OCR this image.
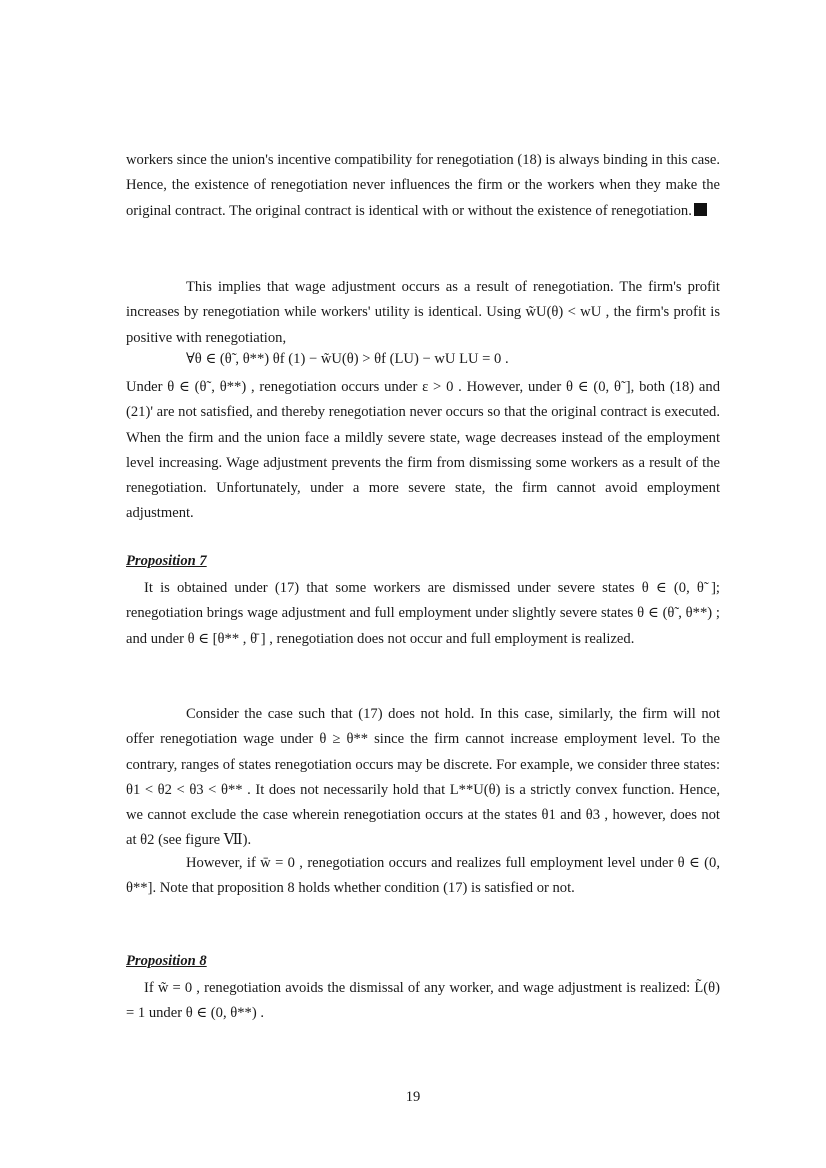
workers since the union's incentive compatibility for renegotiation (18) is always binding in this case. Hence, the existence of renegotiation never influences the firm or the workers when they make the original contract. The original contract is identical with or without the existence of renegotiation.

This implies that wage adjustment occurs as a result of renegotiation. The firm's profit increases by renegotiation while workers' utility is identical. Using w̃U(θ) < wU , the firm's profit is positive with renegotiation,

∀θ ∈ (θ̃ , θ**) θf (1) − w̃U(θ) > θf (LU) − wU LU = 0 .

Under θ ∈ (θ̃ , θ**) , renegotiation occurs under ε > 0 . However, under θ ∈ (0, θ̃ ], both (18) and (21)' are not satisfied, and thereby renegotiation never occurs so that the original contract is executed. When the firm and the union face a mildly severe state, wage decreases instead of the employment level increasing. Wage adjustment prevents the firm from dismissing some workers as a result of the renegotiation. Unfortunately, under a more severe state, the firm cannot avoid employment adjustment.

Proposition 7

It is obtained under (17) that some workers are dismissed under severe states θ ∈ (0, θ̃ ]; renegotiation brings wage adjustment and full employment under slightly severe states θ ∈ (θ̃ , θ**) ; and under θ ∈ [θ** , θ̄ ] , renegotiation does not occur and full employment is realized.

Consider the case such that (17) does not hold. In this case, similarly, the firm will not offer renegotiation wage under θ ≥ θ** since the firm cannot increase employment level. To the contrary, ranges of states renegotiation occurs may be discrete. For example, we consider three states: θ1 < θ2 < θ3 < θ** . It does not necessarily hold that L**U(θ) is a strictly convex function. Hence, we cannot exclude the case wherein renegotiation occurs at the states θ1 and θ3 , however, does not at θ2 (see figure Ⅶ).

However, if w̄ = 0 , renegotiation occurs and realizes full employment level under θ ∈ (0, θ**]. Note that proposition 8 holds whether condition (17) is satisfied or not.

Proposition 8

If w̃ = 0 , renegotiation avoids the dismissal of any worker, and wage adjustment is realized: L̃(θ) = 1 under θ ∈ (0, θ**) .

19
